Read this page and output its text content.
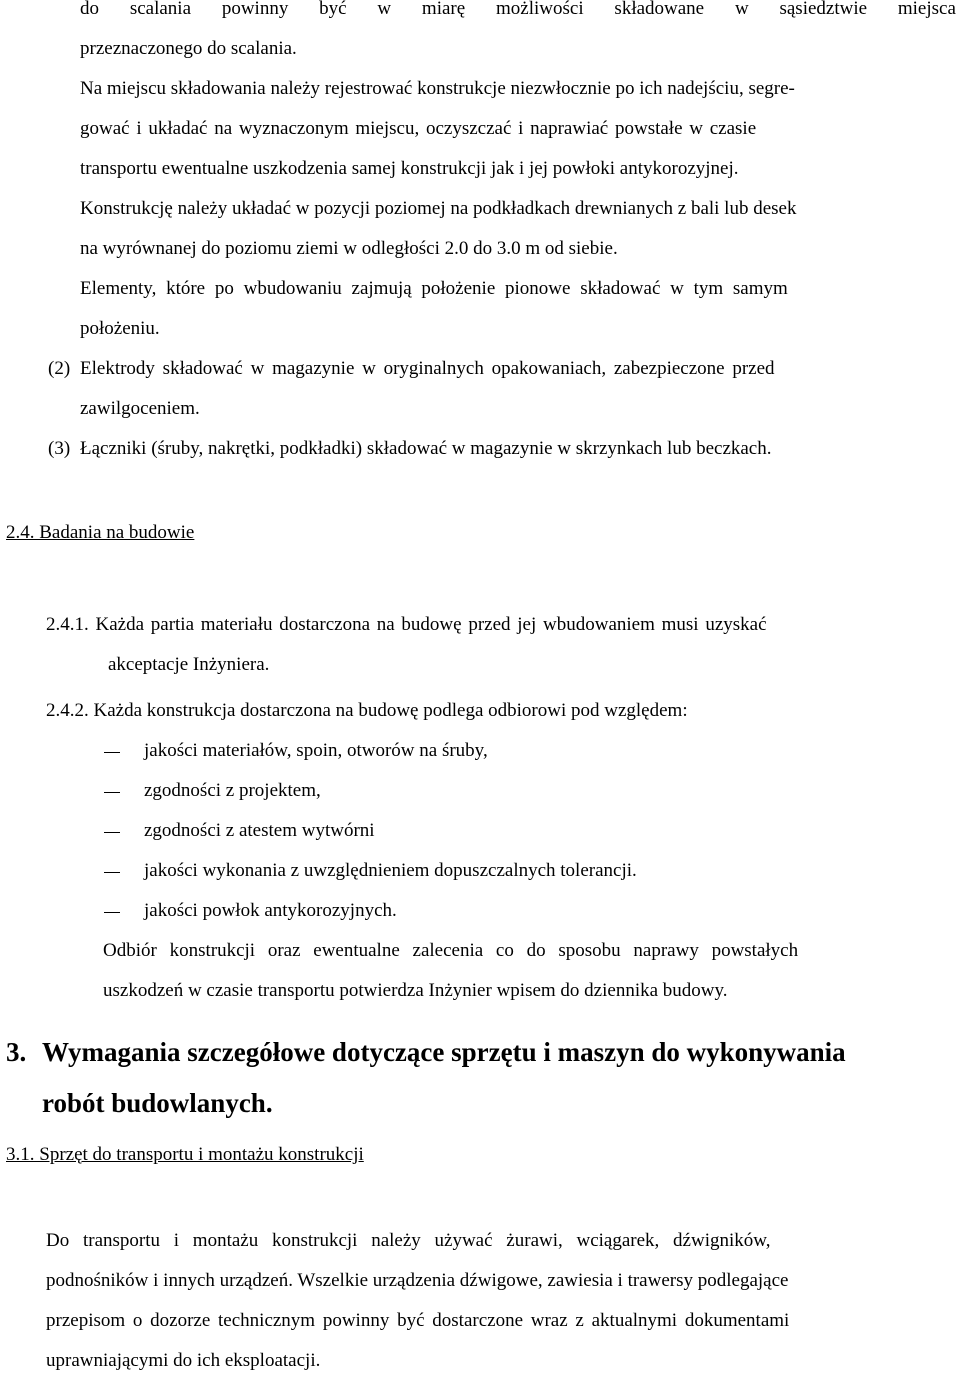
do scalania powinny być w miarę możliwości składowane w sąsiedztwie miejsca
przeznaczonego do scalania.
Na miejscu składowania należy rejestrować konstrukcje niezwłocznie po ich nadejściu, segre-
gować i układać na wyznaczonym miejscu, oczyszczać i naprawiać powstałe w czasie
transportu ewentualne uszkodzenia samej konstrukcji jak i jej powłoki antykorozyjnej.
Konstrukcję należy układać w pozycji poziomej na podkładkach drewnianych z bali lub desek
na wyrównanej do poziomu ziemi w odległości 2.0 do 3.0 m od siebie.
Elementy, które po wbudowaniu zajmują położenie pionowe składować w tym samym
położeniu.
(2) Elektrody składować w magazynie w oryginalnych opakowaniach, zabezpieczone przed
zawilgoceniem.
(3) Łączniki (śruby, nakrętki, podkładki) składować w magazynie w skrzynkach lub beczkach.
2.4. Badania na budowie
2.4.1. Każda partia materiału dostarczona na budowę przed jej wbudowaniem musi uzyskać
akceptacje Inżyniera.
2.4.2. Każda konstrukcja dostarczona na budowę podlega odbiorowi pod względem:
jakości materiałów, spoin, otworów na śruby,
zgodności z projektem,
zgodności z atestem wytwórni
jakości wykonania z uwzględnieniem dopuszczalnych tolerancji.
jakości powłok antykorozyjnych.
Odbiór konstrukcji oraz ewentualne zalecenia co do sposobu naprawy powstałych
uszkodzeń w czasie transportu potwierdza Inżynier wpisem do dziennika budowy.
3. Wymagania szczegółowe dotyczące sprzętu i maszyn do wykonywania
robót budowlanych.
3.1. Sprzęt do transportu i montażu konstrukcji
Do transportu i montażu konstrukcji należy używać żurawi, wciągarek, dźwigników,
podnośników i innych urządzeń. Wszelkie urządzenia dźwigowe, zawiesia i trawersy podlegające
przepisom o dozorze technicznym powinny być dostarczone wraz z aktualnymi dokumentami
uprawniającymi do ich eksploatacji.
